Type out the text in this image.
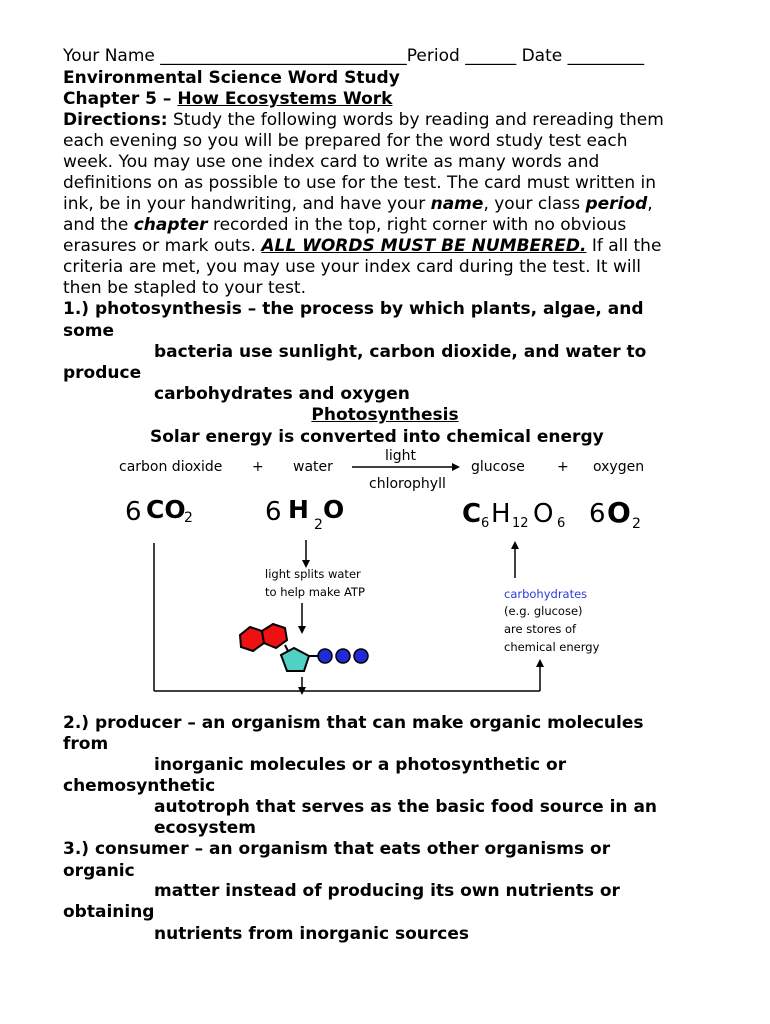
Your Name _____________________________Period ______ Date _________
Environmental Science Word Study
Chapter 5 – How Ecosystems Work
Directions: Study the following words by reading and rereading them
each evening so you will be prepared for the word study test each
week. You may use one index card to write as many words and
definitions on as possible to use for the test. The card must written in
ink, be in your handwriting, and have your name, your class period,
and the chapter recorded in the top, right corner with no obvious
erasures or mark outs. ALL WORDS MUST BE NUMBERED. If all the
criteria are met, you may use your index card during the test. It will
then be stapled to your test.
1.) photosynthesis – the process by which plants, algae, and
some
bacteria use sunlight, carbon dioxide, and water to
produce
carbohydrates and oxygen
Photosynthesis
Solar energy is converted into chemical energy
carbon dioxide + water
light
chlorophyll
glucose + oxygen
6 CO
2	6 H
2
O	C 6 H 12 O 6 6 O 2
light splits water
to help make ATP	carbohydrates
(e.g. glucose)
are stores of
chemical energy
2.) producer – an organism that can make organic molecules
from
inorganic molecules or a photosynthetic or
chemosynthetic
autotroph that serves as the basic food source in an
ecosystem
3.) consumer – an organism that eats other organisms or
organic
matter instead of producing its own nutrients or
obtaining
nutrients from inorganic sources
